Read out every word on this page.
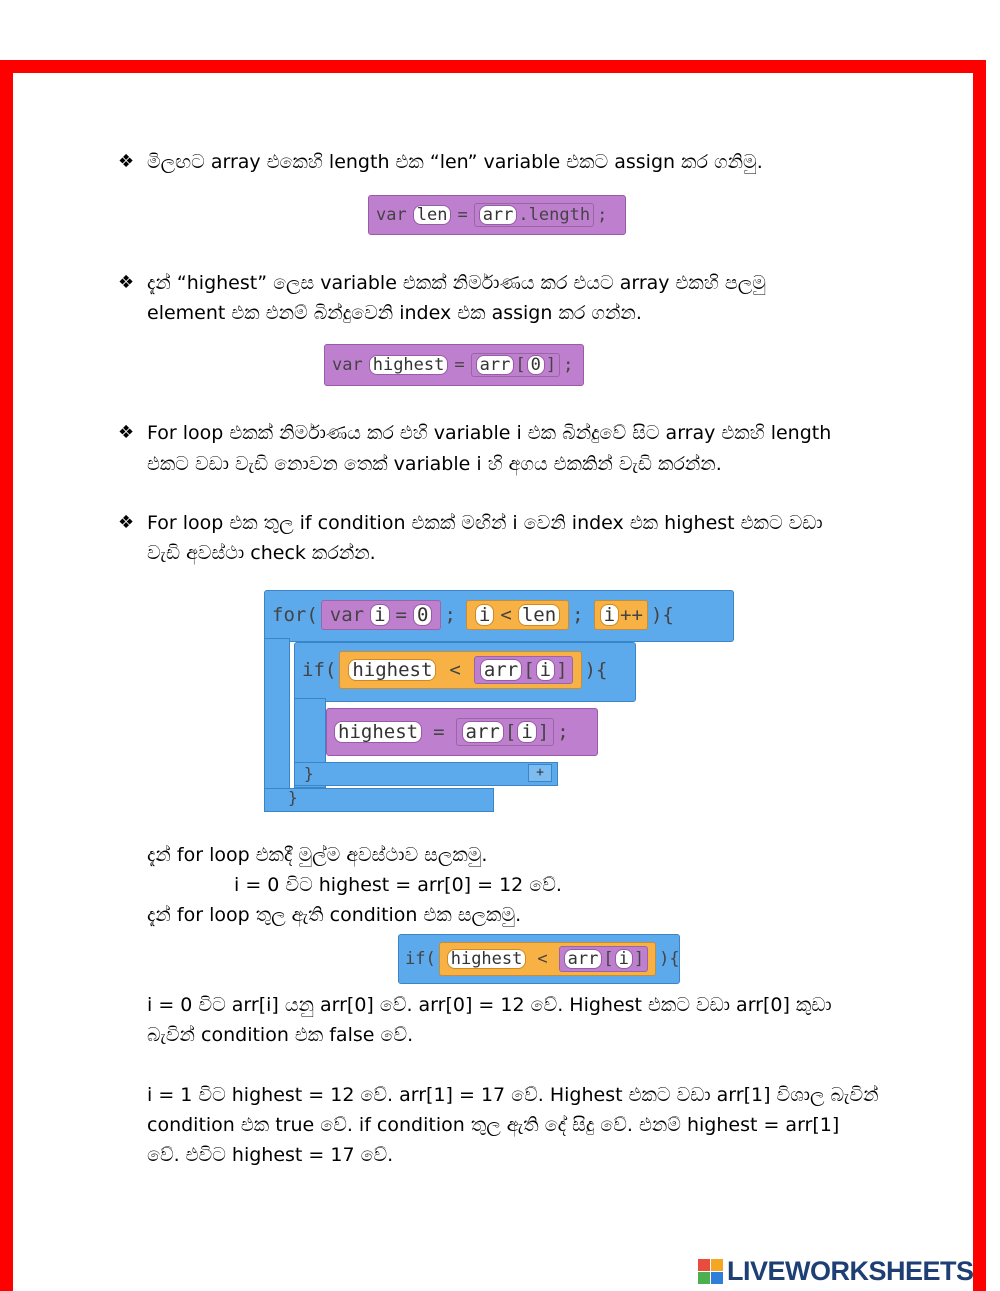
❖ මිලඟට array එකෙහි length එක “len” variable එකට assign කර ගනිමු.
var len = arr .length ;
❖ දැන් “highest” ලෙස variable එකක් නිර්මාණය කර එයට array එකහි පලමු
element එක එනම් බින්දුවෙනි index එක assign කර ගන්න.
var highest = arr [ 0 ] ;
❖ For loop එකක් නිර්මාණය කර එහි variable i එක බින්දුවේ සිට array එකහි length
එකට වඩා වැඩි නොවන තෙක් variable i හි අගය එකකින් වැඩි කරන්න.
❖ For loop එක තුල if condition එකක් මඟින් i වෙනි index එක highest එකට වඩා
වැඩි අවස්ථා check කරන්න.
}
for( var i = 0 ; i < len ; i ++ ){
}	+
if( highest < arr [ i ] ){
highest = arr [ i ] ;
දැන් for loop එකදී මුල්ම අවස්ථාව සලකමු.
i = 0 විට highest = arr[0] = 12 වේ.
දැන් for loop තුල ඇති condition එක සලකමු.
if( highest < arr [ i ] ){
i = 0 විට arr[i] යනු arr[0] වේ. arr[0] = 12 වේ. Highest එකට වඩා arr[0] කුඩා
බැවින් condition එක false වේ.
i = 1 විට highest = 12 වේ. arr[1] = 17 වේ. Highest එකට වඩා arr[1] විශාල බැවින්
condition එක true වේ. if condition තුල ඇති දේ සිදු වේ. එනම් highest = arr[1]
වේ. එවිට highest = 17 වේ.
LIVEWORKSHEETS
